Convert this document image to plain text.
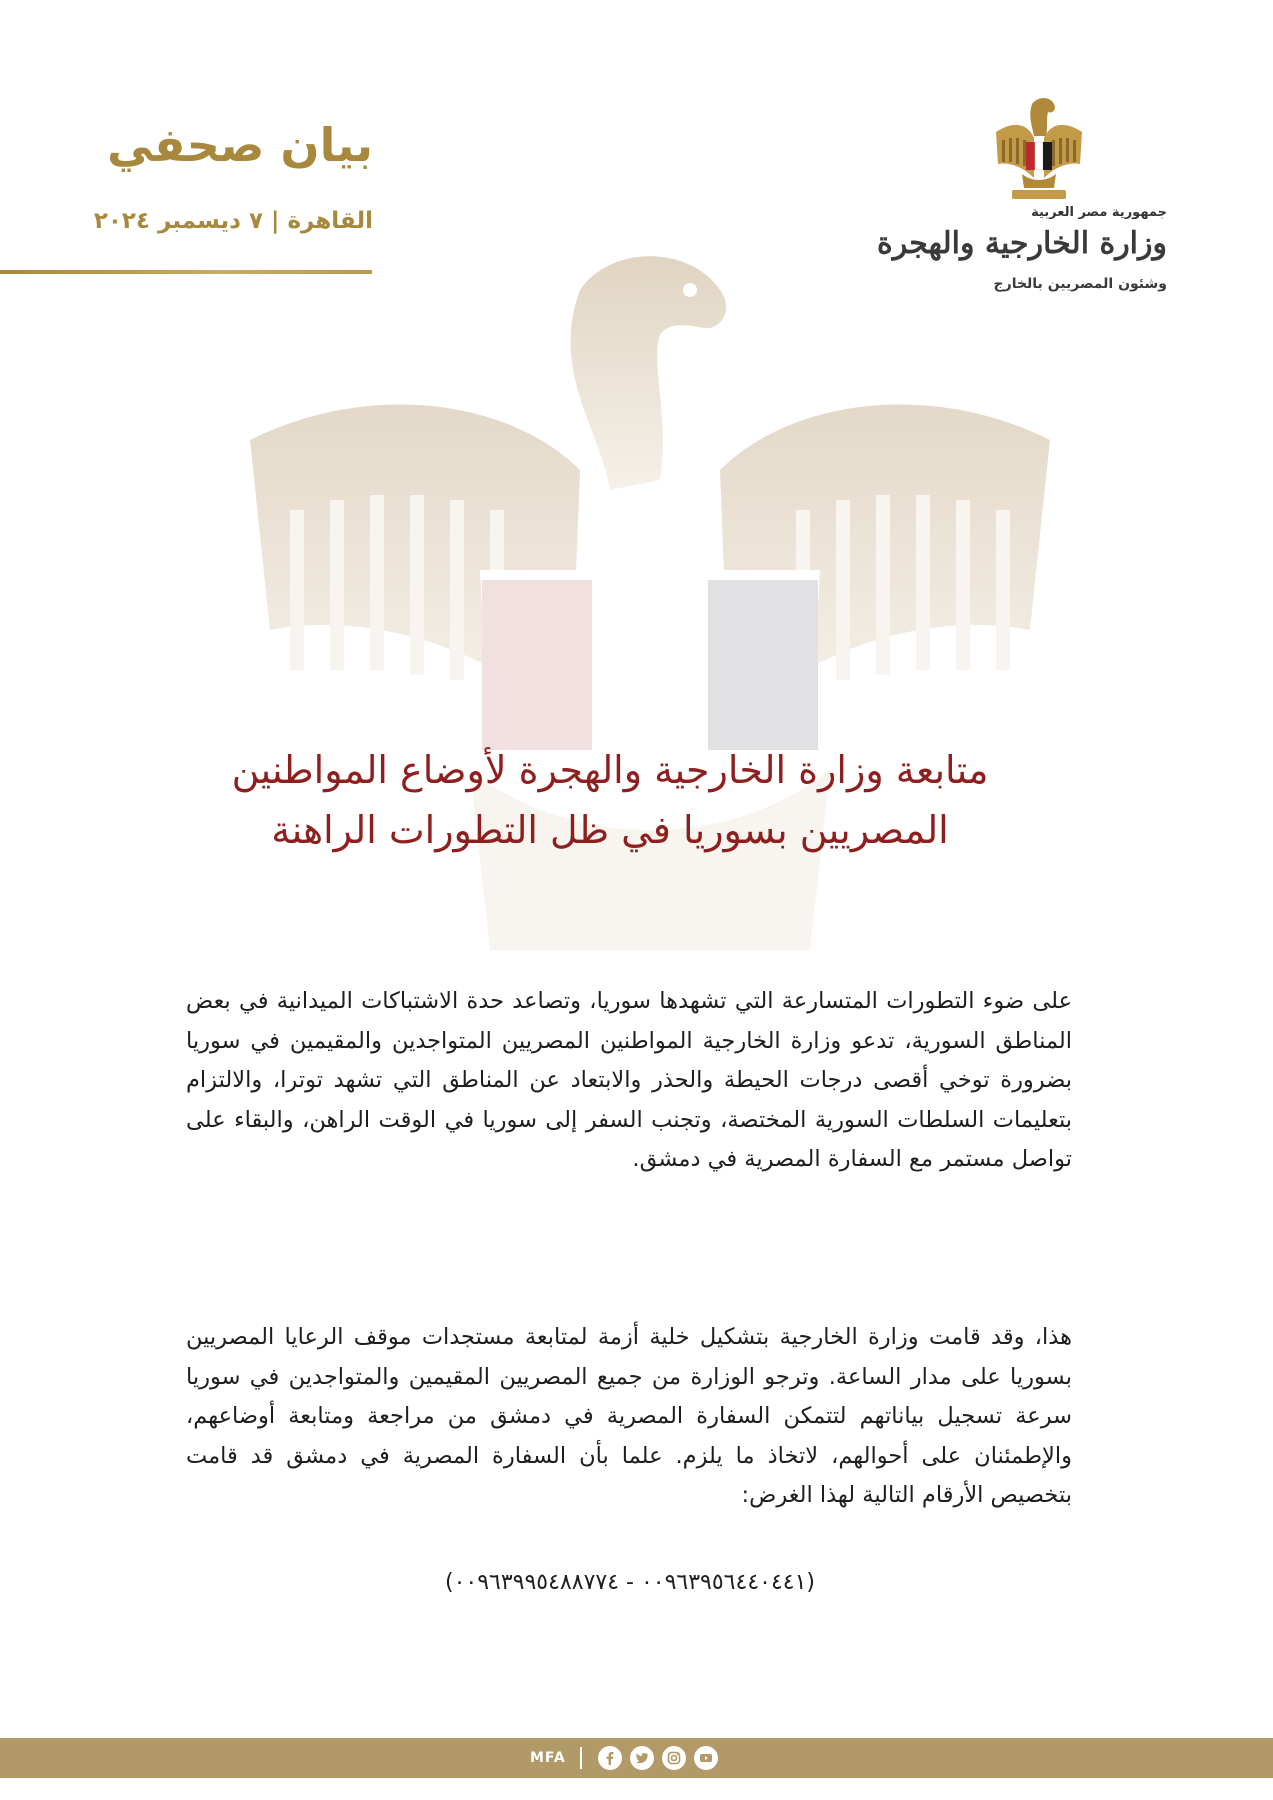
بيان صحفي
القاهرة | ٧ ديسمبر ٢٠٢٤	جمهورية مصر العربية
وزارة الخارجية والهجرة
وشئون المصريين بالخارج
متابعة وزارة الخارجية والهجرة لأوضاع المواطنين
المصريين بسوريا في ظل التطورات الراهنة
على ضوء التطورات المتسارعة التي تشهدها سوريا، وتصاعد حدة الاشتباكات الميدانية في بعض المناطق السورية، تدعو وزارة الخارجية المواطنين المصريين المتواجدين والمقيمين في سوريا بضرورة توخي أقصى درجات الحيطة والحذر والابتعاد عن المناطق التي تشهد توترا، والالتزام بتعليمات السلطات السورية المختصة، وتجنب السفر إلى سوريا في الوقت الراهن، والبقاء على تواصل مستمر مع السفارة المصرية في دمشق.
هذا، وقد قامت وزارة الخارجية بتشكيل خلية أزمة لمتابعة مستجدات موقف الرعايا المصريين بسوريا على مدار الساعة. وترجو الوزارة من جميع المصريين المقيمين والمتواجدين في سوريا سرعة تسجيل بياناتهم لتتمكن السفارة المصرية في دمشق من مراجعة ومتابعة أوضاعهم، والإطمئنان على أحوالهم، لاتخاذ ما يلزم. علما بأن السفارة المصرية في دمشق قد قامت بتخصيص الأرقام التالية لهذا الغرض:
(٠٠٩٦٣٩٥٦٤٤٠٤٤١ - ٠٠٩٦٣٩٩٥٤٨٨٧٧٤)
MFA
